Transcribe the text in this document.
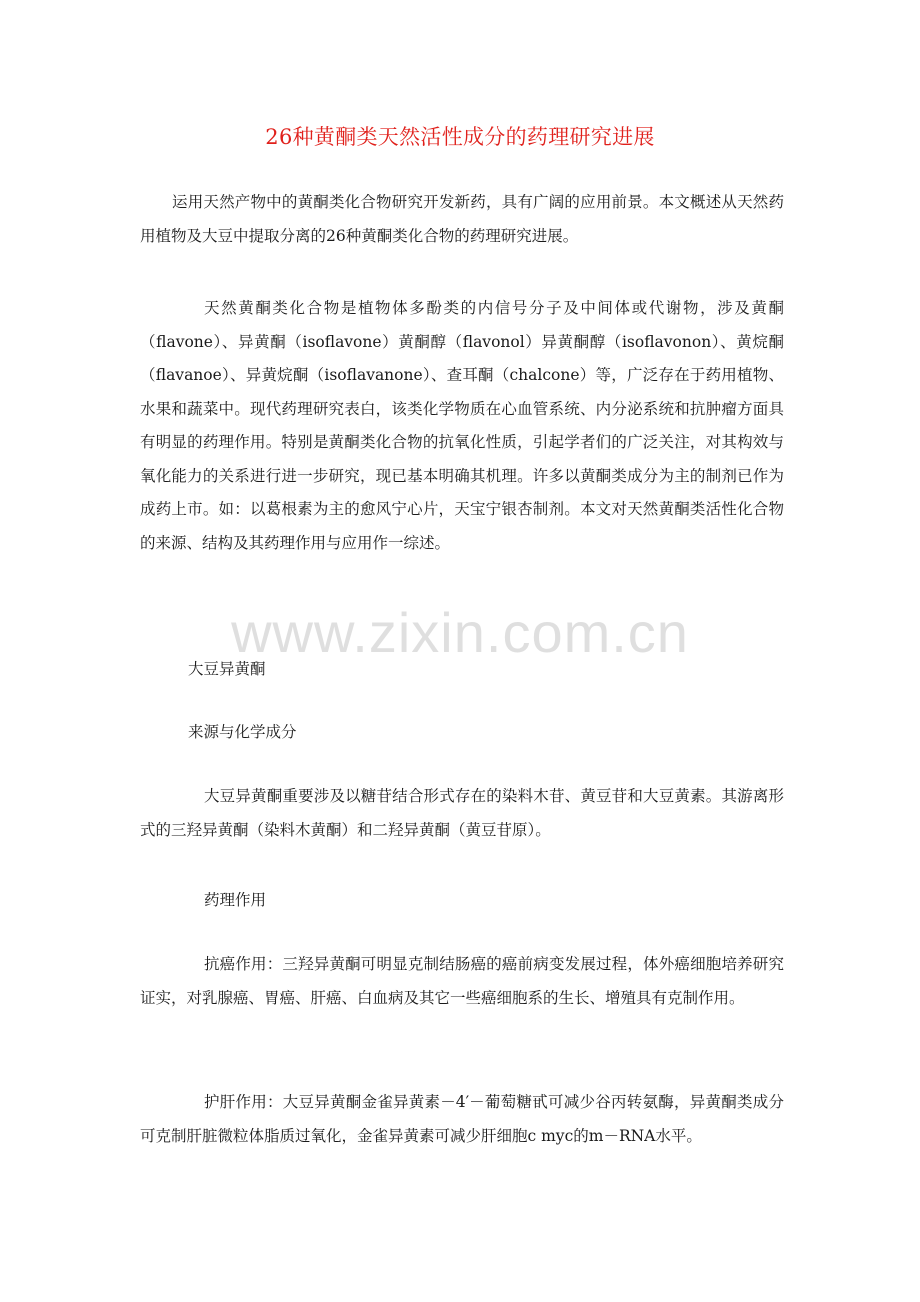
26种黄酮类天然活性成分的药理研究进展

运用天然产物中的黄酮类化合物研究开发新药，具有广阔的应用前景。本文概述从天然药用植物及大豆中提取分离的26种黄酮类化合物的药理研究进展。

天然黄酮类化合物是植物体多酚类的内信号分子及中间体或代谢物，涉及黄酮（flavone）、异黄酮（isoflavone）黄酮醇（flavonol）异黄酮醇（isoflavonon）、黄烷酮（flavanoe）、异黄烷酮（isoflavanone）、查耳酮（chalcone）等，广泛存在于药用植物、水果和蔬菜中。现代药理研究表白，该类化学物质在心血管系统、内分泌系统和抗肿瘤方面具有明显的药理作用。特别是黄酮类化合物的抗氧化性质，引起学者们的广泛关注，对其构效与氧化能力的关系进行进一步研究，现已基本明确其机理。许多以黄酮类成分为主的制剂已作为成药上市。如：以葛根素为主的愈风宁心片，天宝宁银杏制剂。本文对天然黄酮类活性化合物的来源、结构及其药理作用与应用作一综述。

大豆异黄酮
来源与化学成分

大豆异黄酮重要涉及以糖苷结合形式存在的染料木苷、黄豆苷和大豆黄素。其游离形式的三羟异黄酮（染料木黄酮）和二羟异黄酮（黄豆苷原）。

药理作用

抗癌作用：三羟异黄酮可明显克制结肠癌的癌前病变发展过程，体外癌细胞培养研究证实，对乳腺癌、胃癌、肝癌、白血病及其它一些癌细胞系的生长、增殖具有克制作用。

护肝作用：大豆异黄酮金雀异黄素－4′－葡萄糖甙可减少谷丙转氨酶，异黄酮类成分可克制肝脏微粒体脂质过氧化，金雀异黄素可减少肝细胞c myc的m－RNA水平。

www.zixin.com.cn
